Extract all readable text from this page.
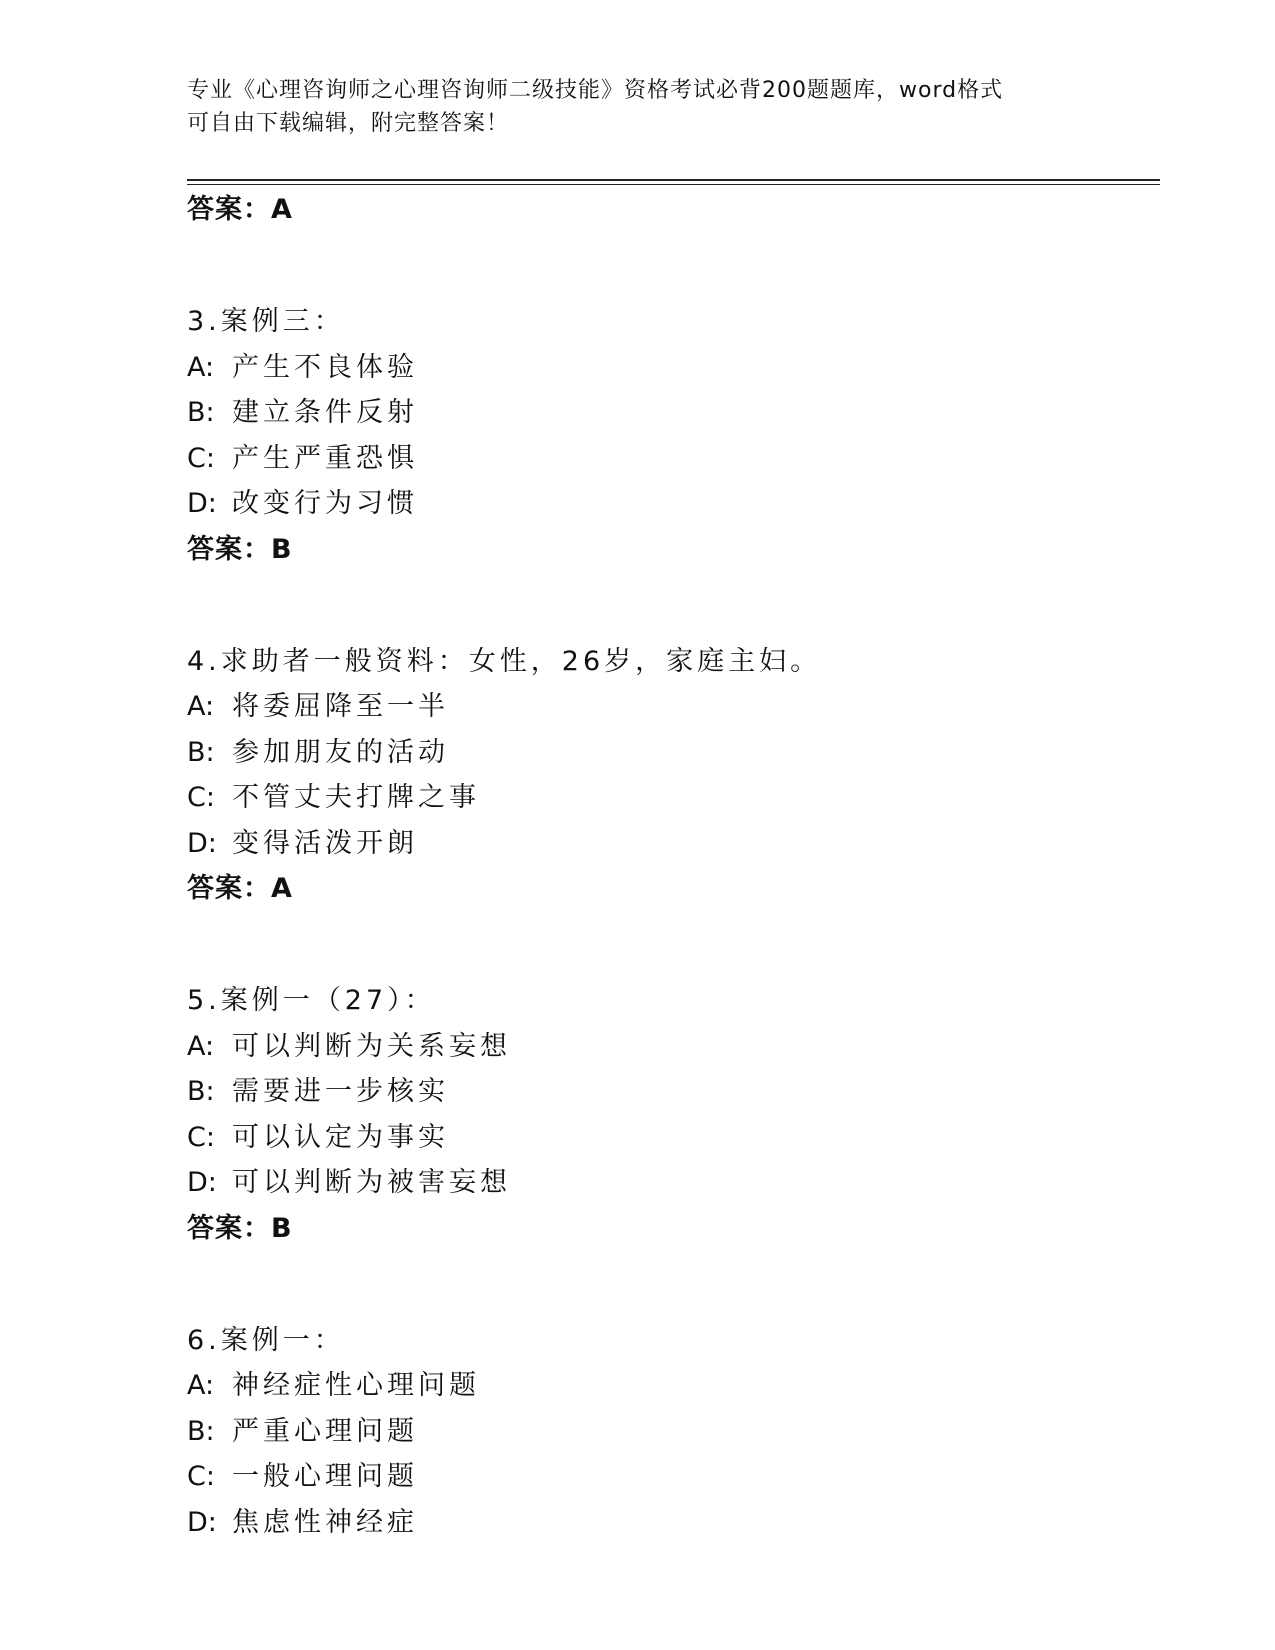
专业《心理咨询师之心理咨询师二级技能》资格考试必背200题题库，word格式
可自由下载编辑，附完整答案！
答案：A
3.案例三：
A: 产生不良体验
B: 建立条件反射
C: 产生严重恐惧
D: 改变行为习惯
答案：B
4.求助者一般资料：女性，26岁，家庭主妇。
A: 将委屈降至一半
B: 参加朋友的活动
C: 不管丈夫打牌之事
D: 变得活泼开朗
答案：A
5.案例一（27）：
A: 可以判断为关系妄想
B: 需要进一步核实
C: 可以认定为事实
D: 可以判断为被害妄想
答案：B
6.案例一：
A: 神经症性心理问题
B: 严重心理问题
C: 一般心理问题
D: 焦虑性神经症
